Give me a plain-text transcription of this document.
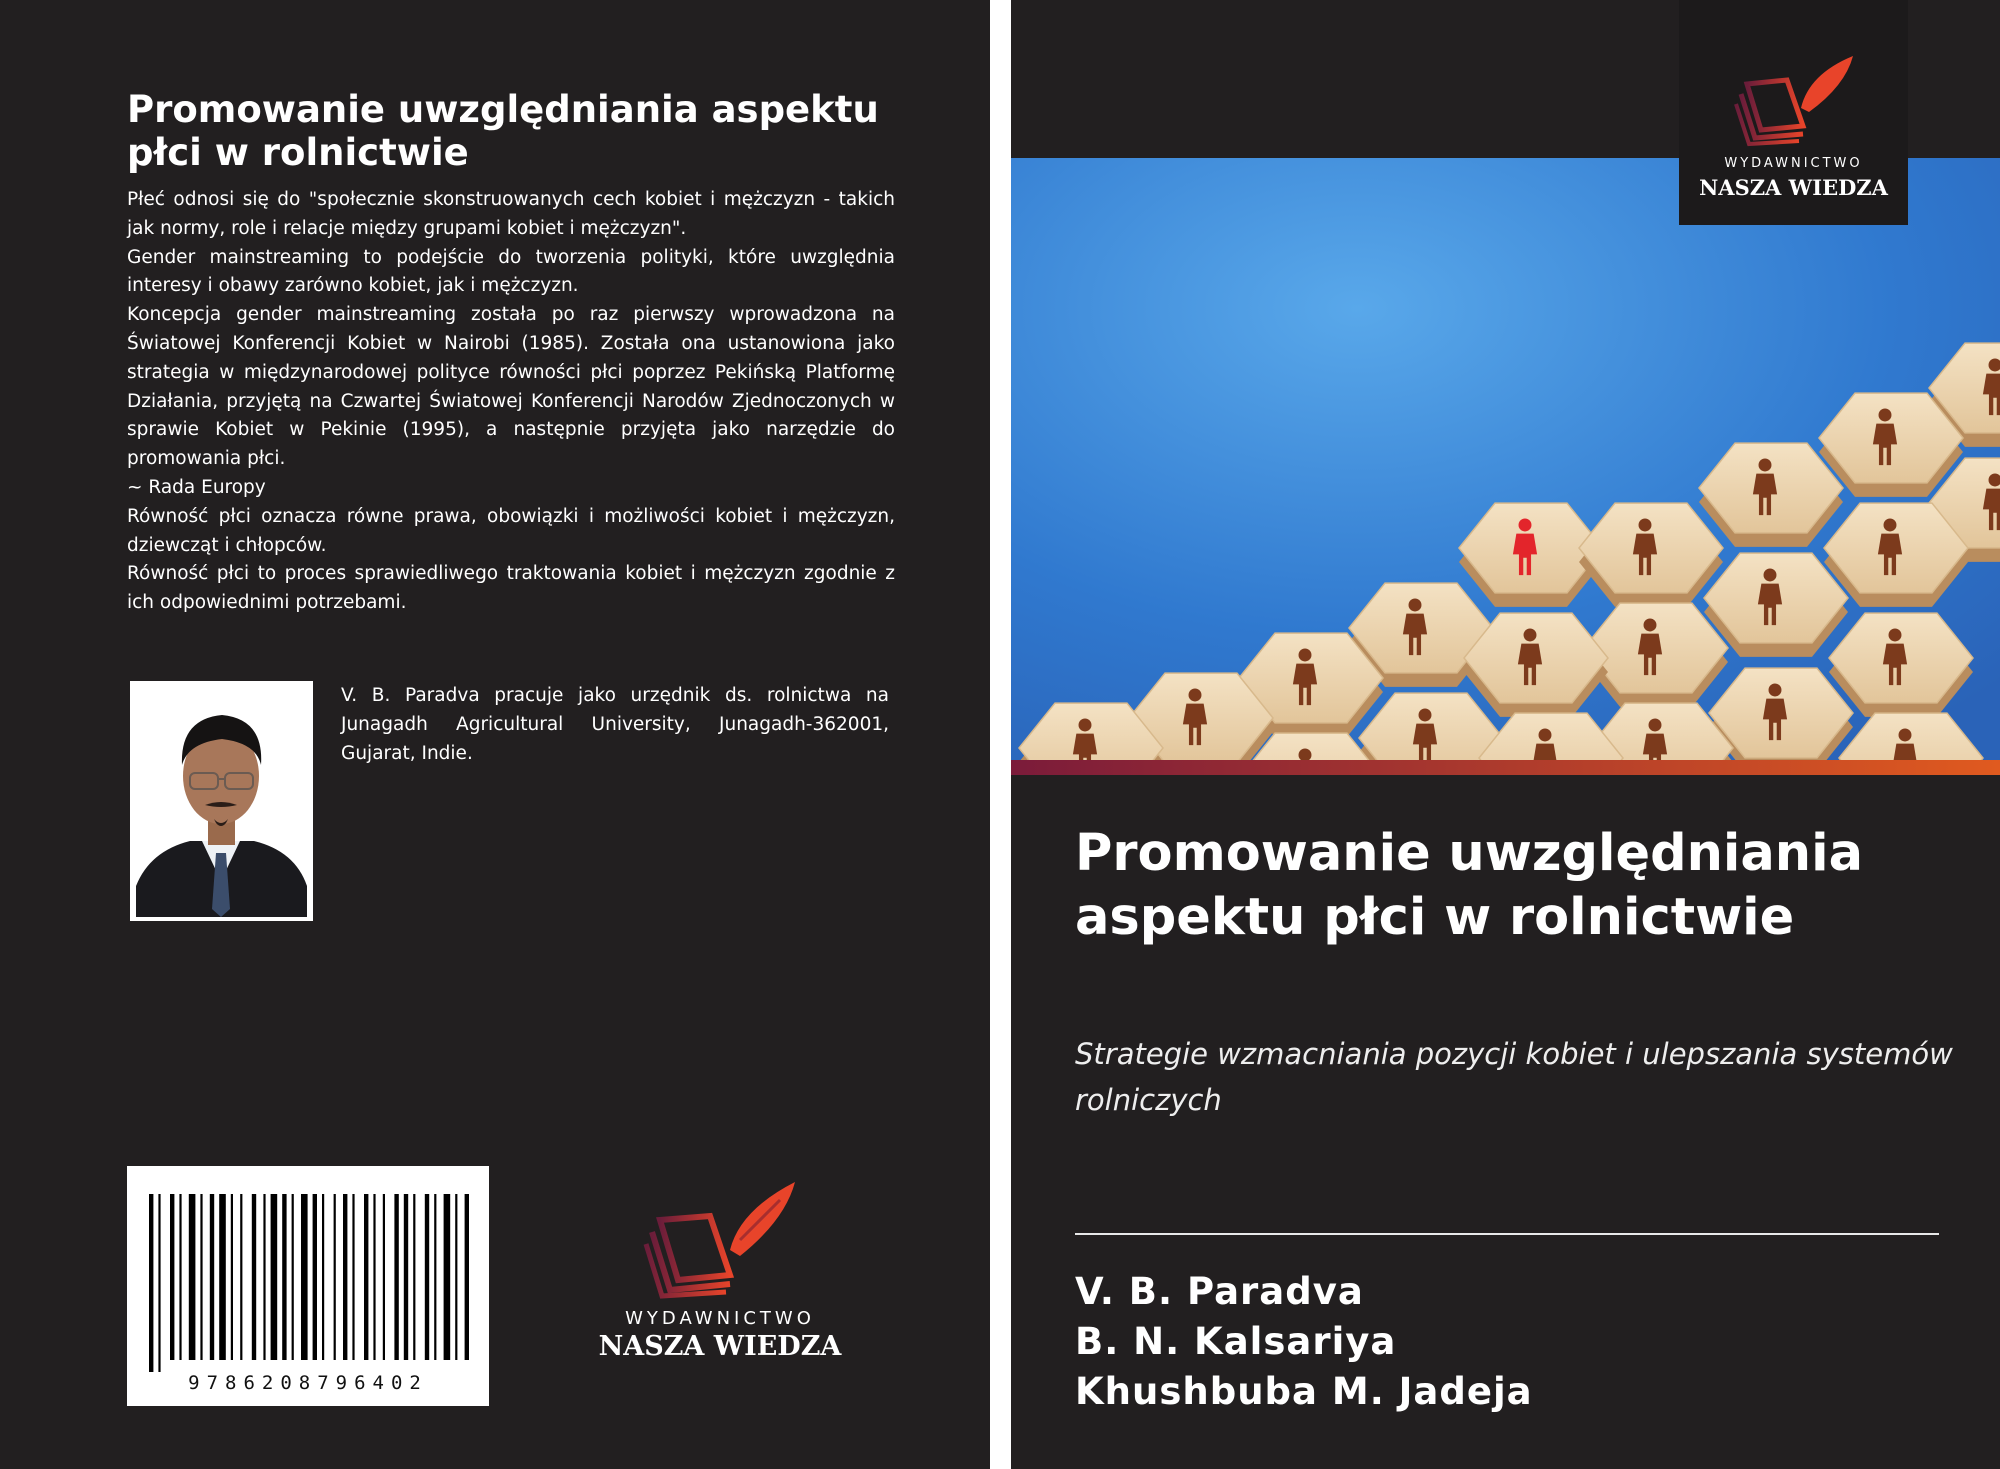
Promowanie uwzględniania aspektu płci w rolnictwie

Płeć odnosi się do "społecznie skonstruowanych cech kobiet i mężczyzn - takich jak normy, role i relacje między grupami kobiet i mężczyzn".

Gender mainstreaming to podejście do tworzenia polityki, które uwzględnia interesy i obawy zarówno kobiet, jak i mężczyzn.

Koncepcja gender mainstreaming została po raz pierwszy wprowadzona na Światowej Konferencji Kobiet w Nairobi (1985). Została ona ustanowiona jako strategia w międzynarodowej polityce równości płci poprzez Pekińską Platformę Działania, przyjętą na Czwartej Światowej Konferencji Narodów Zjednoczonych w sprawie Kobiet w Pekinie (1995), a następnie przyjęta jako narzędzie do promowania płci.

~ Rada Europy

Równość płci oznacza równe prawa, obowiązki i możliwości kobiet i mężczyzn, dziewcząt i chłopców.

Równość płci to proces sprawiedliwego traktowania kobiet i mężczyzn zgodnie z ich odpowiednimi potrzebami.

V. B. Paradva pracuje jako urzędnik ds. rolnictwa na Junagadh Agricultural University, Junagadh-362001, Gujarat, Indie.
9786208796402
WYDAWNICTWO
NASZA WIEDZA
WYDAWNICTWO
NASZA WIEDZA
Promowanie uwzględniania aspektu płci w rolnictwie
Strategie wzmacniania pozycji kobiet i ulepszania systemów rolniczych
V. B. Paradva
B. N. Kalsariya
Khushbuba M. Jadeja
